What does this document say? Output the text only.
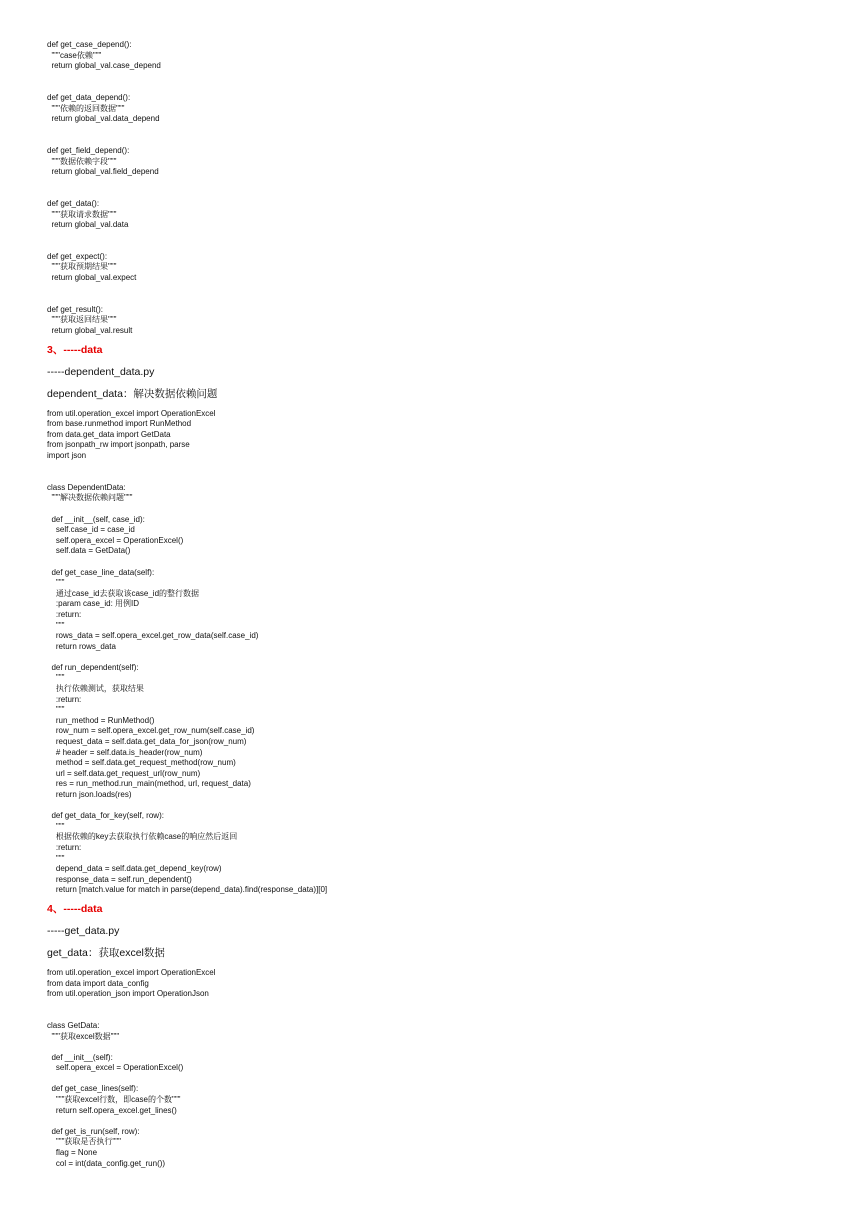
def get_case_depend():
"""case依赖"""
return global_val.case_depend
def get_data_depend():
"""依赖的返回数据"""
return global_val.data_depend
def get_field_depend():
"""数据依赖字段"""
return global_val.field_depend
def get_data():
"""获取请求数据"""
return global_val.data
def get_expect():
"""获取预期结果"""
return global_val.expect
def get_result():
"""获取返回结果"""
return global_val.result
3、-----data
-----dependent_data.py
dependent_data：解决数据依赖问题
from util.operation_excel import OperationExcel
from base.runmethod import RunMethod
from data.get_data import GetData
from jsonpath_rw import jsonpath, parse
import json
class DependentData:
"""解决数据依赖问题"""
def __init__(self, case_id):
self.case_id = case_id
self.opera_excel = OperationExcel()
self.data = GetData()
def get_case_line_data(self):
"""
通过case_id去获取该case_id的整行数据
:param case_id: 用例ID
:return:
"""
rows_data = self.opera_excel.get_row_data(self.case_id)
return rows_data
def run_dependent(self):
"""
执行依赖测试，获取结果
:return:
"""
run_method = RunMethod()
row_num = self.opera_excel.get_row_num(self.case_id)
request_data = self.data.get_data_for_json(row_num)
# header = self.data.is_header(row_num)
method = self.data.get_request_method(row_num)
url = self.data.get_request_url(row_num)
res = run_method.run_main(method, url, request_data)
return json.loads(res)
def get_data_for_key(self, row):
"""
根据依赖的key去获取执行依赖case的响应然后返回
:return:
"""
depend_data = self.data.get_depend_key(row)
response_data = self.run_dependent()
return [match.value for match in parse(depend_data).find(response_data)][0]
4、-----data
-----get_data.py
get_data：获取excel数据
from util.operation_excel import OperationExcel
from data import data_config
from util.operation_json import OperationJson
class GetData:
"""获取excel数据"""
def __init__(self):
self.opera_excel = OperationExcel()
def get_case_lines(self):
"""获取excel行数，即case的个数"""
return self.opera_excel.get_lines()
def get_is_run(self, row):
"""获取是否执行"""
flag = None
col = int(data_config.get_run())
